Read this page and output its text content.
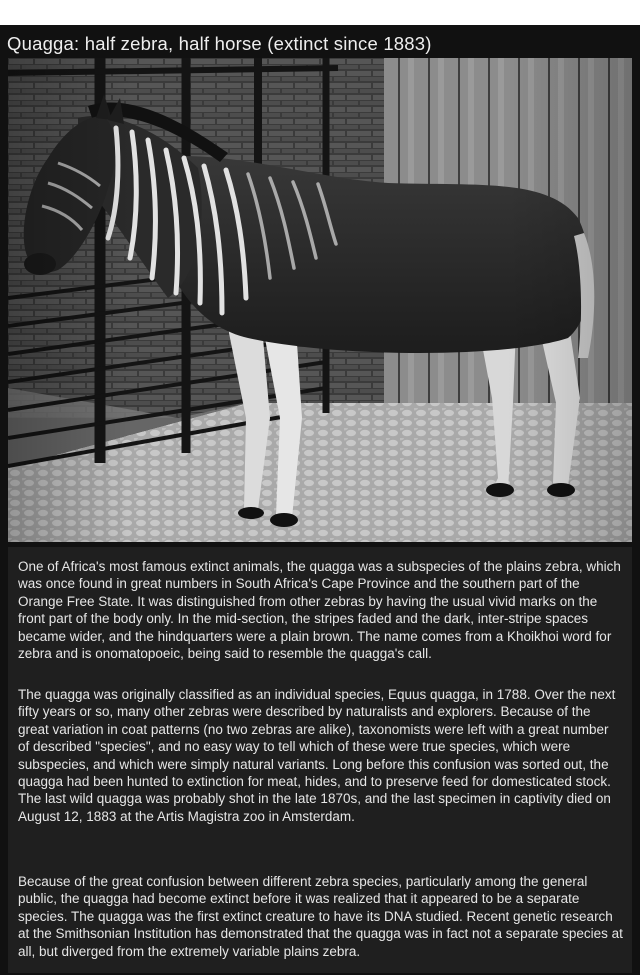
Quagga: half zebra, half horse (extinct since 1883)

One of Africa's most famous extinct animals, the quagga was a subspecies of the plains zebra, which was once found in great numbers in South Africa's Cape Province and the southern part of the Orange Free State. It was distinguished from other zebras by having the usual vivid marks on the front part of the body only. In the mid-section, the stripes faded and the dark, inter-stripe spaces became wider, and the hindquarters were a plain brown. The name comes from a Khoikhoi word for zebra and is onomatopoeic, being said to resemble the quagga's call.

The quagga was originally classified as an individual species, Equus quagga, in 1788. Over the next fifty years or so, many other zebras were described by naturalists and explorers. Because of the great variation in coat patterns (no two zebras are alike), taxonomists were left with a great number of described "species", and no easy way to tell which of these were true species, which were subspecies, and which were simply natural variants. Long before this confusion was sorted out, the quagga had been hunted to extinction for meat, hides, and to preserve feed for domesticated stock. The last wild quagga was probably shot in the late 1870s, and the last specimen in captivity died on August 12, 1883 at the Artis Magistra zoo in Amsterdam.

Because of the great confusion between different zebra species, particularly among the general public, the quagga had become extinct before it was realized that it appeared to be a separate species. The quagga was the first extinct creature to have its DNA studied. Recent genetic research at the Smithsonian Institution has demonstrated that the quagga was in fact not a separate species at all, but diverged from the extremely variable plains zebra.
